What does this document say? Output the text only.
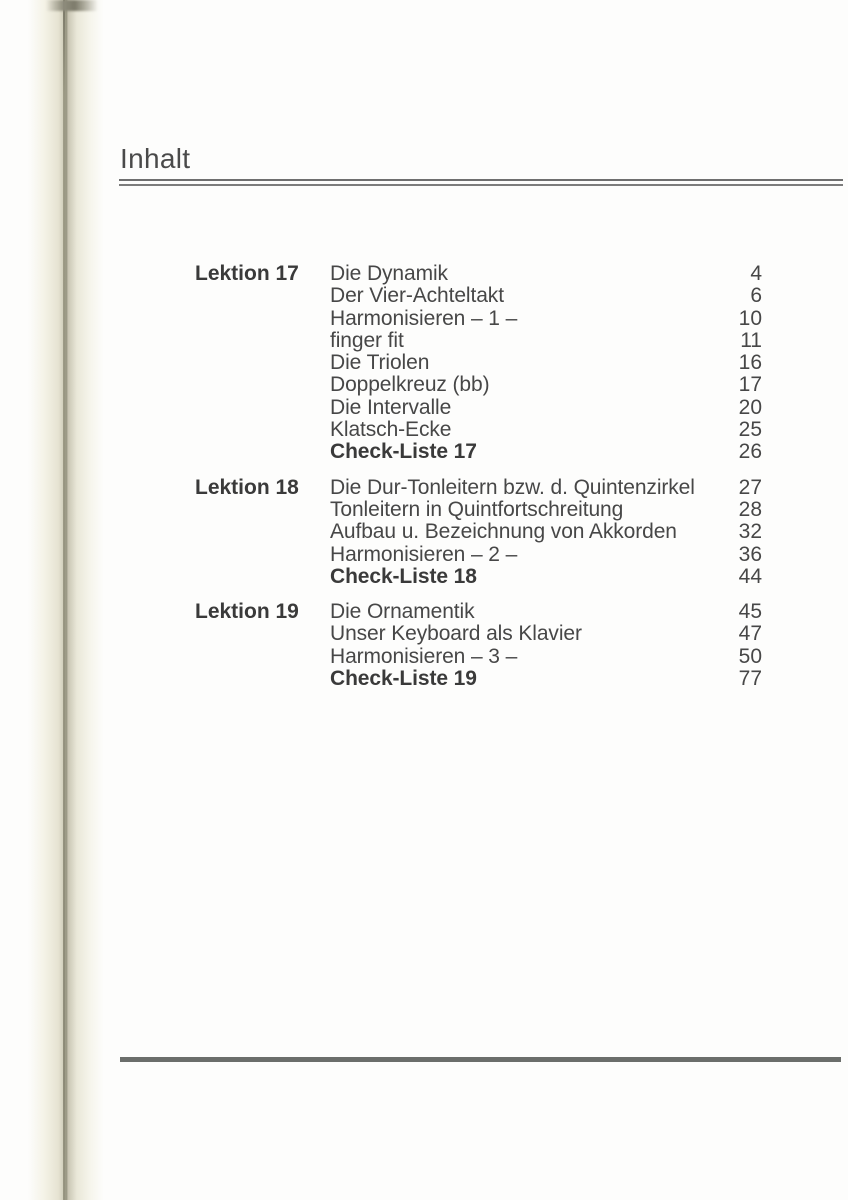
Inhalt
Lektion 17	Die Dynamik	4
Der Vier-Achteltakt	6
Harmonisieren – 1 –	10
finger fit	11
Die Triolen	16
Doppelkreuz (bb)	17
Die Intervalle	20
Klatsch-Ecke	25
Check-Liste 17	26
Lektion 18	Die Dur-Tonleitern bzw. d. Quintenzirkel	27
Tonleitern in Quintfortschreitung	28
Aufbau u. Bezeichnung von Akkorden	32
Harmonisieren – 2 –	36
Check-Liste 18	44
Lektion 19	Die Ornamentik	45
Unser Keyboard als Klavier	47
Harmonisieren – 3 –	50
Check-Liste 19	77
